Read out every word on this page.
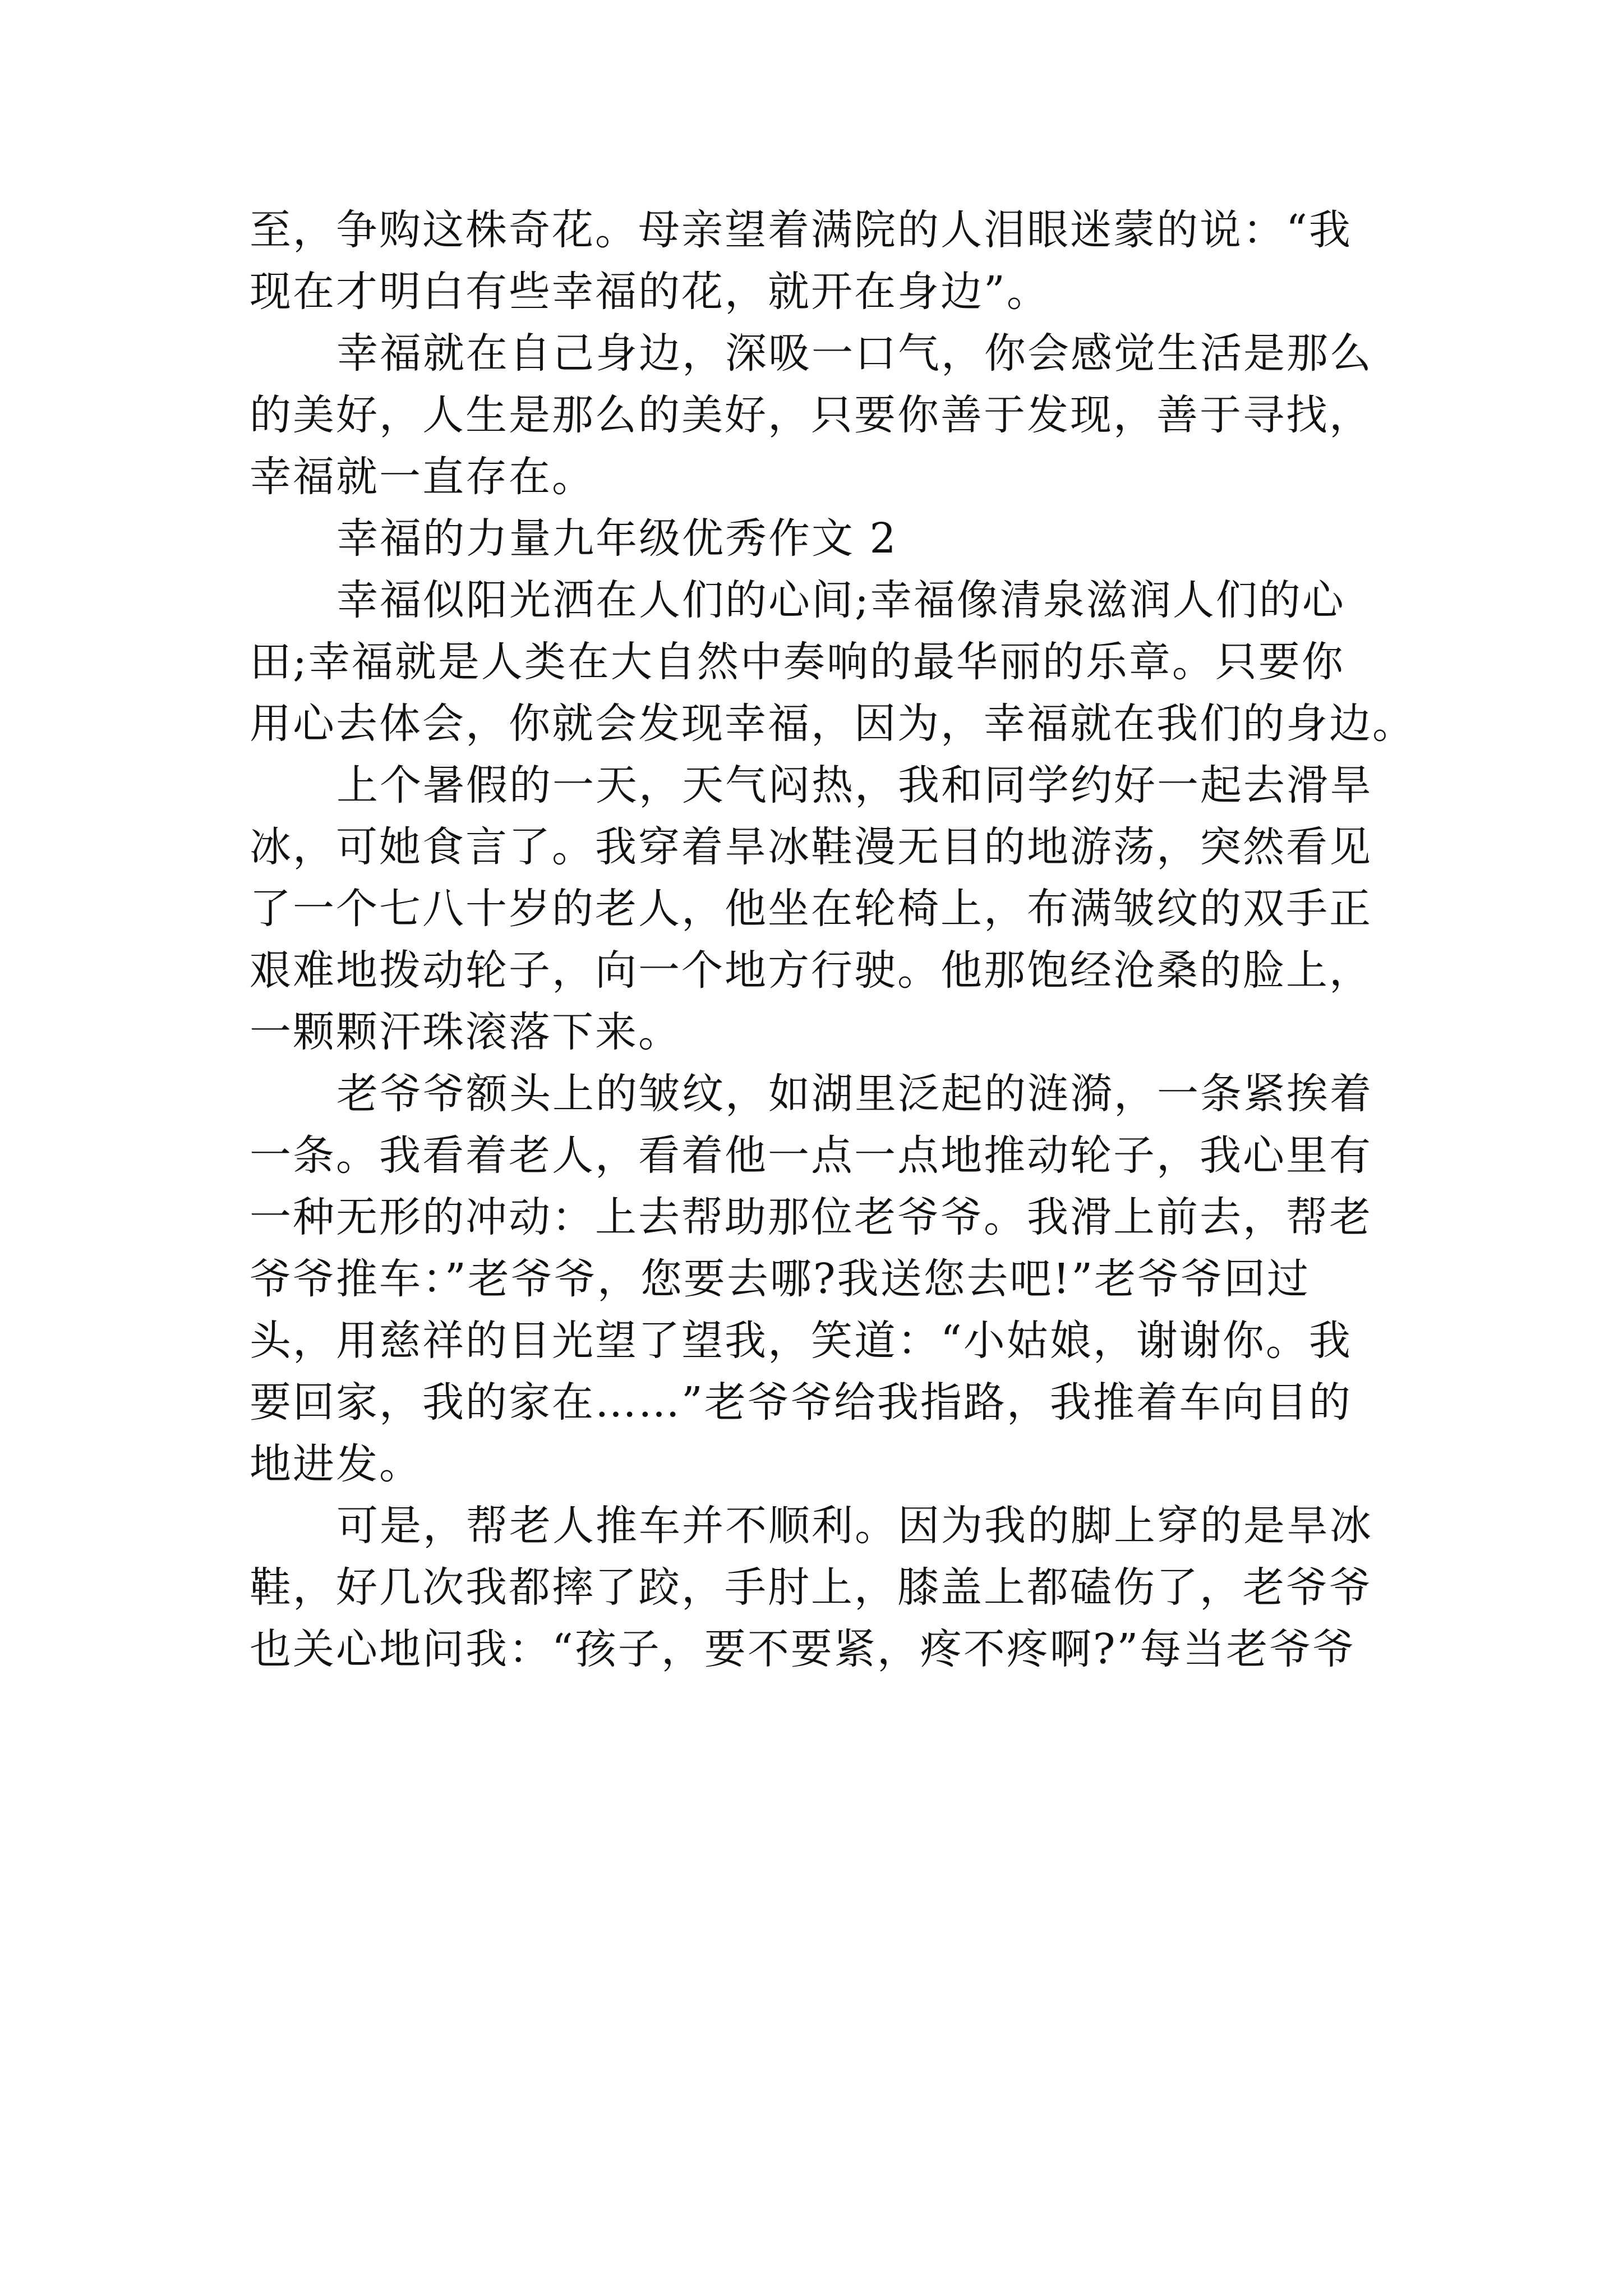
至，争购这株奇花。母亲望着满院的人泪眼迷蒙的说：“我
现在才明白有些幸福的花，就开在身边”。
幸福就在自己身边，深吸一口气，你会感觉生活是那么
的美好，人生是那么的美好，只要你善于发现，善于寻找，
幸福就一直存在。
幸福的力量九年级优秀作文 2
幸福似阳光洒在人们的心间;幸福像清泉滋润人们的心
田;幸福就是人类在大自然中奏响的最华丽的乐章。只要你
用心去体会，你就会发现幸福，因为，幸福就在我们的身边。
上个暑假的一天，天气闷热，我和同学约好一起去滑旱
冰，可她食言了。我穿着旱冰鞋漫无目的地游荡，突然看见
了一个七八十岁的老人，他坐在轮椅上，布满皱纹的双手正
艰难地拨动轮子，向一个地方行驶。他那饱经沧桑的脸上，
一颗颗汗珠滚落下来。
老爷爷额头上的皱纹，如湖里泛起的涟漪，一条紧挨着
一条。我看着老人，看着他一点一点地推动轮子，我心里有
一种无形的冲动：上去帮助那位老爷爷。我滑上前去，帮老
爷爷推车：”老爷爷，您要去哪?我送您去吧!”老爷爷回过
头，用慈祥的目光望了望我，笑道：“小姑娘，谢谢你。我
要回家，我的家在……”老爷爷给我指路，我推着车向目的
地进发。
可是，帮老人推车并不顺利。因为我的脚上穿的是旱冰
鞋，好几次我都摔了跤，手肘上，膝盖上都磕伤了，老爷爷
也关心地问我：“孩子，要不要紧，疼不疼啊?”每当老爷爷
